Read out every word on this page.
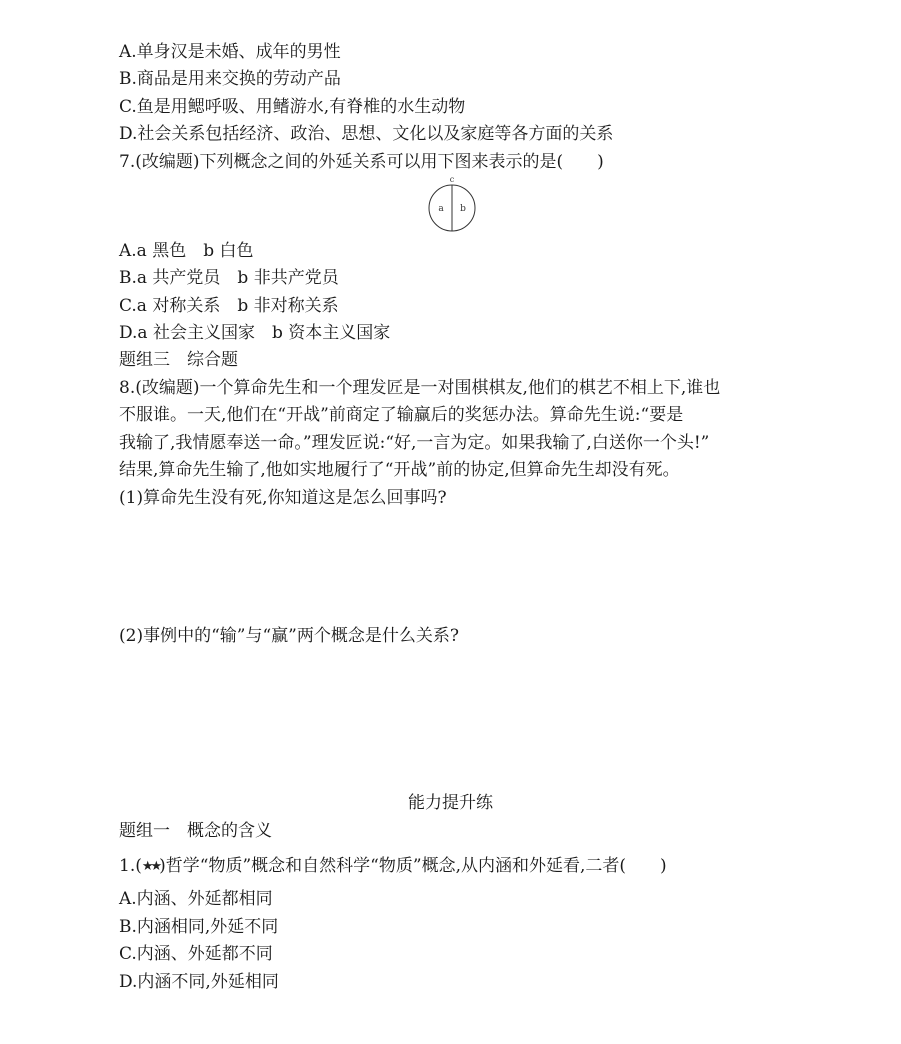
A.单身汉是未婚、成年的男性
B.商品是用来交换的劳动产品
C.鱼是用鳃呼吸、用鳍游水,有脊椎的水生动物
D.社会关系包括经济、政治、思想、文化以及家庭等各方面的关系
7.(改编题)下列概念之间的外延关系可以用下图来表示的是(　　)
c
a b
A.a 黑色　b 白色
B.a 共产党员　b 非共产党员
C.a 对称关系　b 非对称关系
D.a 社会主义国家　b 资本主义国家
题组三　综合题
8.(改编题)一个算命先生和一个理发匠是一对围棋棋友,他们的棋艺不相上下,谁也
不服谁。一天,他们在“开战”前商定了输赢后的奖惩办法。算命先生说:“要是
我输了,我情愿奉送一命。”理发匠说:“好,一言为定。如果我输了,白送你一个头!”
结果,算命先生输了,他如实地履行了“开战”前的协定,但算命先生却没有死。
(1)算命先生没有死,你知道这是怎么回事吗?
(2)事例中的“输”与“赢”两个概念是什么关系?
能力提升练
题组一　概念的含义
1.(★★)哲学“物质”概念和自然科学“物质”概念,从内涵和外延看,二者(　　)
A.内涵、外延都相同
B.内涵相同,外延不同
C.内涵、外延都不同
D.内涵不同,外延相同
